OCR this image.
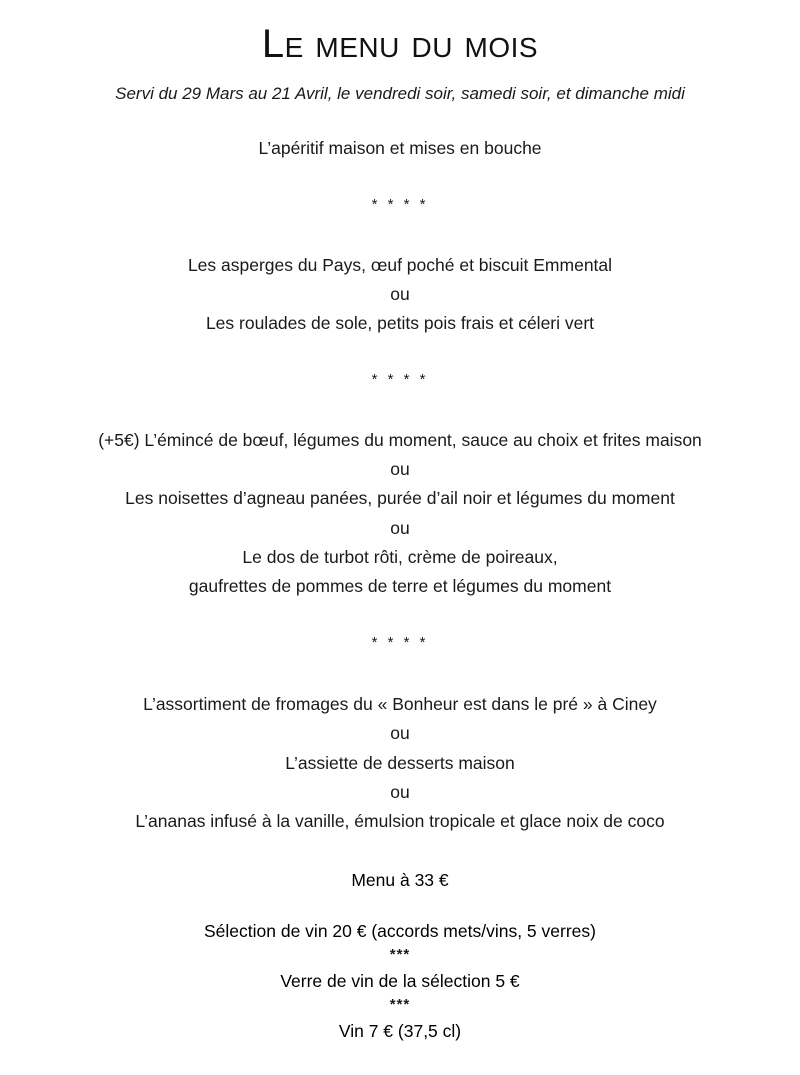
Le menu du mois
Servi du 29 Mars au 21 Avril, le vendredi soir, samedi soir, et dimanche midi
L’apéritif maison et mises en bouche
* * * *
Les asperges du Pays, œuf poché et biscuit Emmental
ou
Les roulades de sole, petits pois frais et céleri vert
* * * *
(+5€) L’émincé de bœuf, légumes du moment, sauce au choix et frites maison
ou
Les noisettes d’agneau panées, purée d’ail noir et légumes du moment
ou
Le dos de turbot rôti, crème de poireaux,
gaufrettes de pommes de terre et légumes du moment
* * * *
L’assortiment de fromages du « Bonheur est dans le pré » à Ciney
ou
L’assiette de desserts maison
ou
L’ananas infusé à la vanille, émulsion tropicale et glace noix de coco
Menu à 33 €
Sélection de vin 20 € (accords mets/vins, 5 verres)
***
Verre de vin de la sélection 5 €
***
Vin 7 € (37,5 cl)
